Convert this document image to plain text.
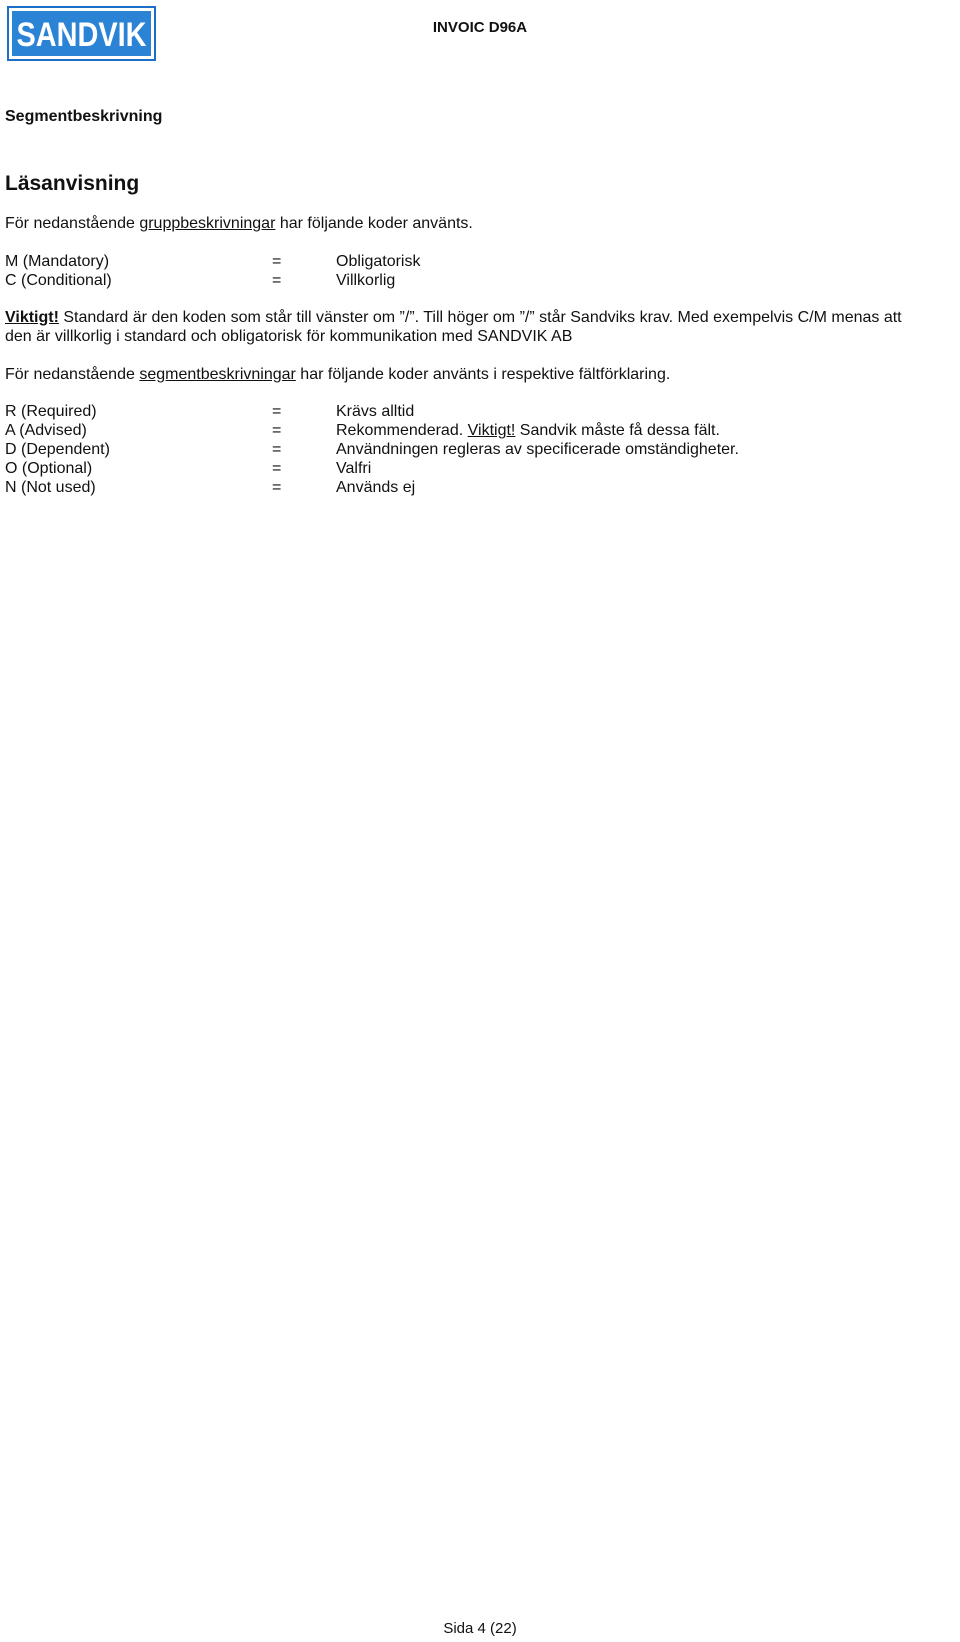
SANDVIK	INVOIC D96A
Segmentbeskrivning
Läsanvisning
För nedanstående gruppbeskrivningar har följande koder använts.
M (Mandatory)	=	Obligatorisk
C (Conditional)	=	Villkorlig
Viktigt! Standard är den koden som står till vänster om ”/”. Till höger om ”/” står Sandviks krav. Med exempelvis C/M menas att
den är villkorlig i standard och obligatorisk för kommunikation med SANDVIK AB
För nedanstående segmentbeskrivningar har följande koder använts i respektive fältförklaring.
R (Required)	=	Krävs alltid
A (Advised)	=	Rekommenderad. Viktigt! Sandvik måste få dessa fält.
D (Dependent)	=	Användningen regleras av specificerade omständigheter.
O (Optional)	=	Valfri
N (Not used)	=	Används ej
Sida 4 (22)
